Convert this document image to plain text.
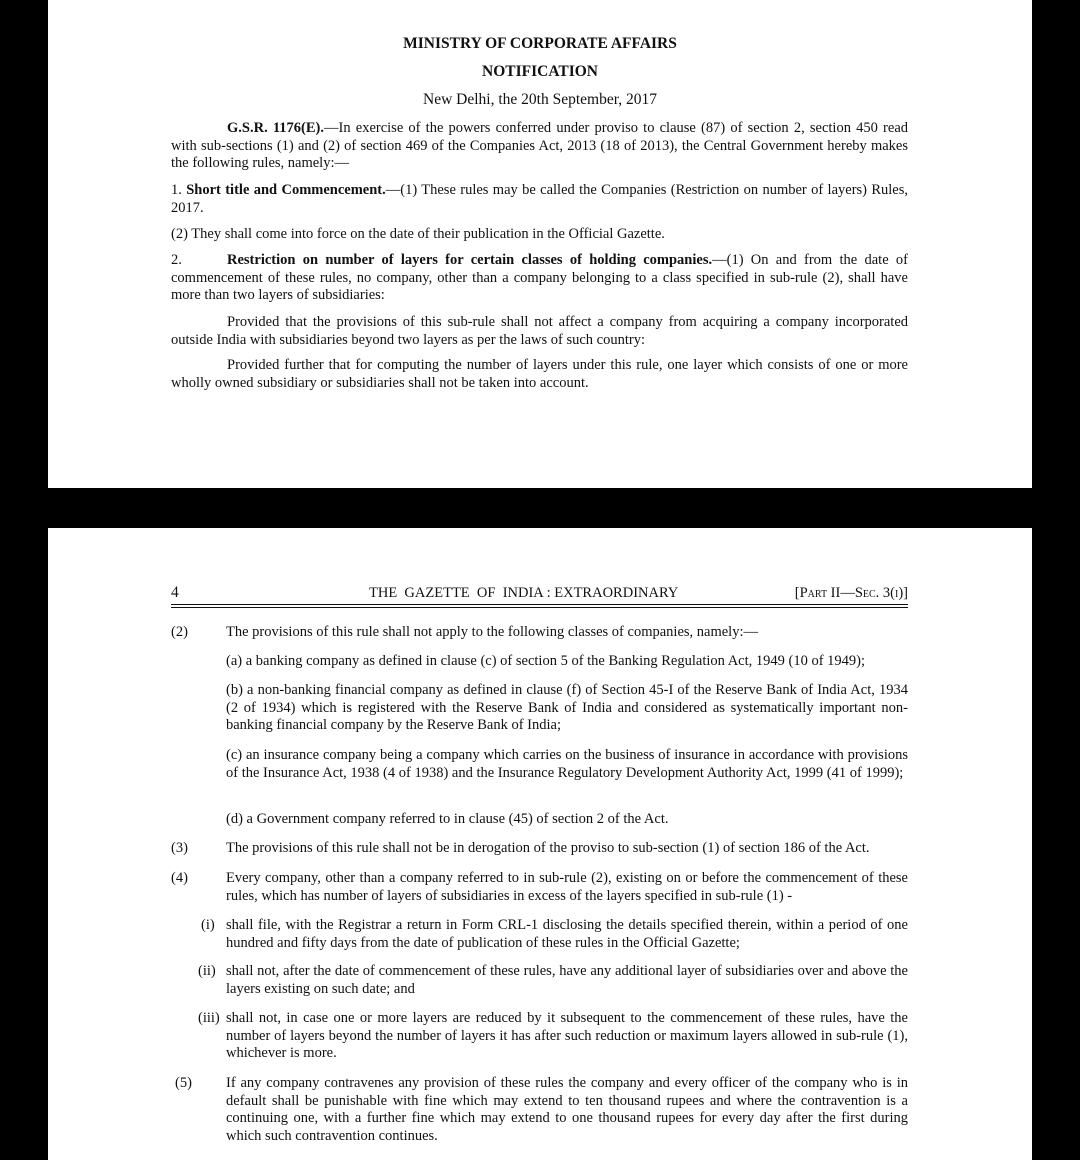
MINISTRY OF CORPORATE AFFAIRS
NOTIFICATION
New Delhi, the 20th September, 2017
G.S.R. 1176(E).—In exercise of the powers conferred under proviso to clause (87) of section 2, section 450 read with sub-sections (1) and (2) of section 469 of the Companies Act, 2013 (18 of 2013), the Central Government hereby makes the following rules, namely:—
1. Short title and Commencement.—(1) These rules may be called the Companies (Restriction on number of layers) Rules, 2017.
(2) They shall come into force on the date of their publication in the Official Gazette.
2.	Restriction on number of layers for certain classes of holding companies.—(1) On and from the date of commencement of these rules, no company, other than a company belonging to a class specified in sub-rule (2), shall have more than two layers of subsidiaries:
Provided that the provisions of this sub-rule shall not affect a company from acquiring a company incorporated outside India with subsidiaries beyond two layers as per the laws of such country:
Provided further that for computing the number of layers under this rule, one layer which consists of one or more wholly owned subsidiary or subsidiaries shall not be taken into account.
4	THE  GAZETTE  OF  INDIA : EXTRAORDINARY	[Part II—Sec. 3(i)]
(2)	The provisions of this rule shall not apply to the following classes of companies, namely:—
(a) a banking company as defined in clause (c) of section 5 of the Banking Regulation Act, 1949 (10 of 1949);
(b) a non-banking financial company as defined in clause (f) of Section 45-I of the Reserve Bank of India Act, 1934 (2 of 1934) which is registered with the Reserve Bank of India and considered as systematically important non-banking financial company by the Reserve Bank of India;
(c) an insurance company being a company which carries on the business of insurance in accordance with provisions of the Insurance Act, 1938 (4 of 1938) and the Insurance Regulatory Development Authority Act, 1999 (41 of 1999);
(d) a Government company referred to in clause (45) of section 2 of the Act.
(3)	The provisions of this rule shall not be in derogation of the proviso to sub-section (1) of section 186 of the Act.
(4)	Every company, other than a company referred to in sub-rule (2), existing on or before the commencement of these rules, which has number of layers of subsidiaries in excess of the layers specified in sub-rule (1) -
(i) shall file, with the Registrar a return in Form CRL-1 disclosing the details specified therein, within a period of one hundred and fifty days from the date of publication of these rules in the Official Gazette;
(ii) shall not, after the date of commencement of these rules, have any additional layer of subsidiaries over and above the layers existing on such date; and
(iii) shall not, in case one or more layers are reduced by it subsequent to the commencement of these rules, have the number of layers beyond the number of layers it has after such reduction or maximum layers allowed in sub-rule (1), whichever is more.
(5) If any company contravenes any provision of these rules the company and every officer of the company who is in default shall be punishable with fine which may extend to ten thousand rupees and where the contravention is a continuing one, with a further fine which may extend to one thousand rupees for every day after the first during which such contravention continues.
